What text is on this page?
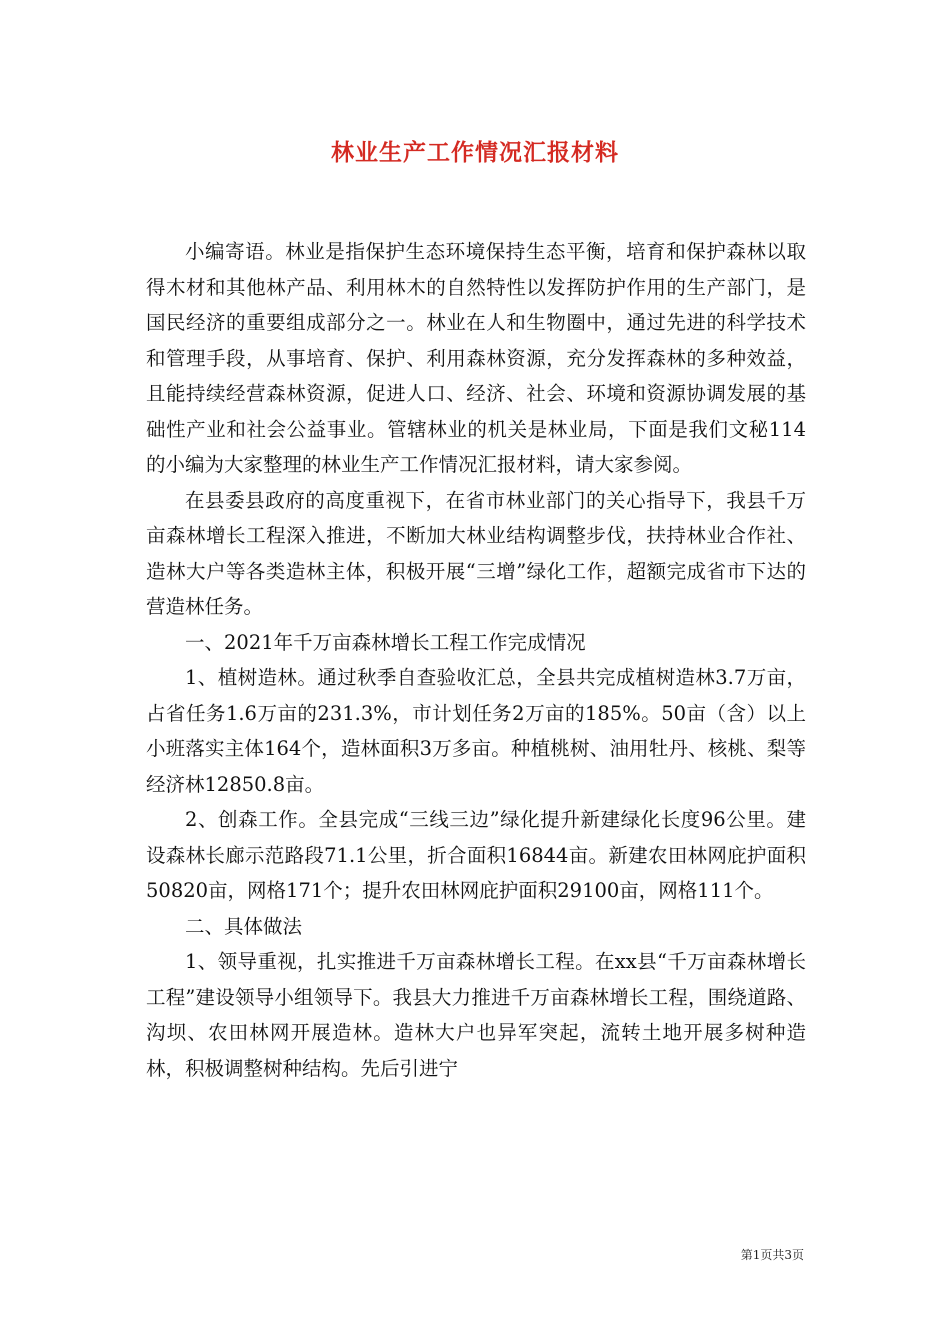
林业生产工作情况汇报材料

小编寄语。林业是指保护生态环境保持生态平衡，培育和保护森林以取得木材和其他林产品、利用林木的自然特性以发挥防护作用的生产部门，是国民经济的重要组成部分之一。林业在人和生物圈中，通过先进的科学技术和管理手段，从事培育、保护、利用森林资源，充分发挥森林的多种效益，且能持续经营森林资源，促进人口、经济、社会、环境和资源协调发展的基础性产业和社会公益事业。管辖林业的机关是林业局，下面是我们文秘114的小编为大家整理的林业生产工作情况汇报材料，请大家参阅。

在县委县政府的高度重视下，在省市林业部门的关心指导下，我县千万亩森林增长工程深入推进，不断加大林业结构调整步伐，扶持林业合作社、造林大户等各类造林主体，积极开展“三增”绿化工作，超额完成省市下达的营造林任务。

一、2021年千万亩森林增长工程工作完成情况

1、植树造林。通过秋季自查验收汇总，全县共完成植树造林3.7万亩，占省任务1.6万亩的231.3%，市计划任务2万亩的185%。50亩（含）以上小班落实主体164个，造林面积3万多亩。种植桃树、油用牡丹、核桃、梨等经济林12850.8亩。

2、创森工作。全县完成“三线三边”绿化提升新建绿化长度96公里。建设森林长廊示范路段71.1公里，折合面积16844亩。新建农田林网庇护面积50820亩，网格171个；提升农田林网庇护面积29100亩，网格111个。

二、具体做法

1、领导重视，扎实推进千万亩森林增长工程。在xx县“千万亩森林增长工程”建设领导小组领导下。我县大力推进千万亩森林增长工程，围绕道路、沟坝、农田林网开展造林。造林大户也异军突起，流转土地开展多树种造林，积极调整树种结构。先后引进宁

第1页共3页
